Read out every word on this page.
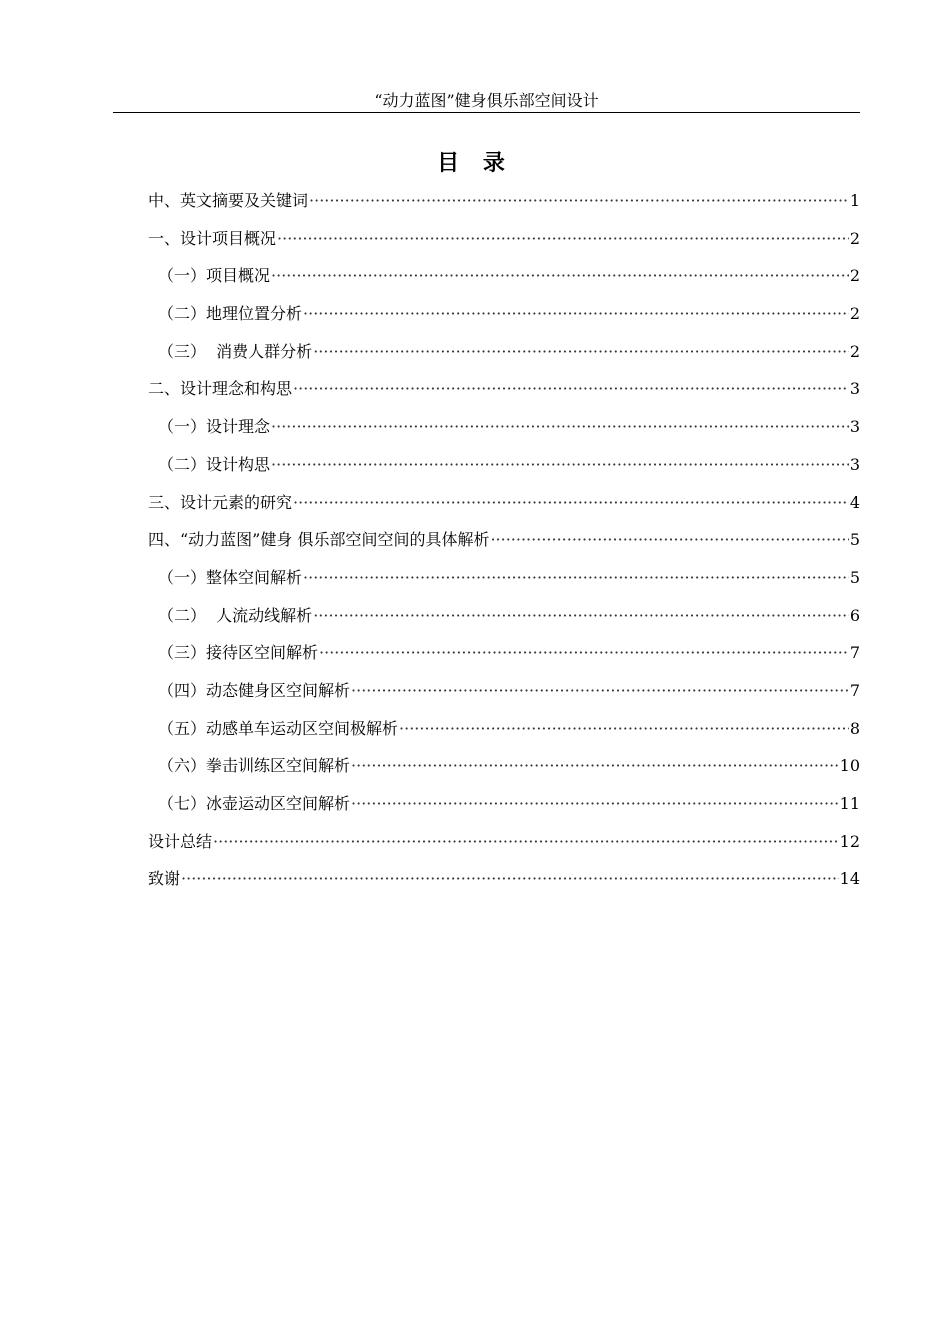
“动力蓝图”健身俱乐部空间设计
目 录
中、英文摘要及关键词 ·····	1
一、设计项目概况 ·····	2
（一）项目概况 ·····	2
（二）地理位置分析 ·····	2
（三）  消费人群分析 ·····	2
二、设计理念和构思 ·····	3
（一）设计理念 ·····	3
（二）设计构思 ·····	3
三、设计元素的研究 ·····	4
四、“动力蓝图”健身 俱乐部空间空间的具体解析 ·····	5
（一）整体空间解析 ·····	5
（二）  人流动线解析 ·····	6
（三）接待区空间解析 ·····	7
（四）动态健身区空间解析 ·····	7
（五）动感单车运动区空间极解析 ·····	8
（六）拳击训练区空间解析 ·····	10
（七）冰壶运动区空间解析 ·····	11
设计总结 ·····	12
致谢 ·····	14
